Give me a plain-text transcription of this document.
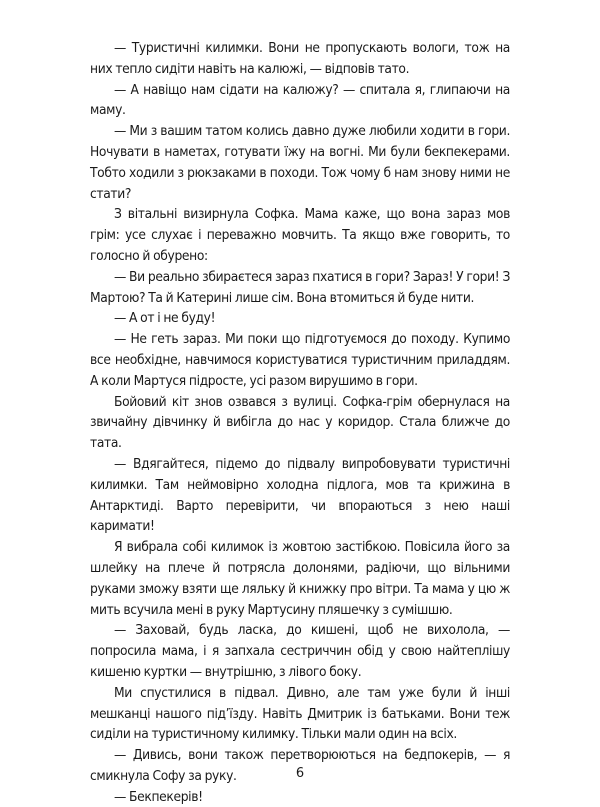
— Туристичні килимки. Вони не пропускають вологи, тож на них тепло сидіти навіть на калюжі, — відповів тато.

— А навіщо нам сідати на калюжу? — спитала я, глипаючи на маму.

— Ми з вашим татом колись давно дуже любили ходити в гори. Ночувати в наметах, готувати їжу на вогні. Ми були бекпекерами. Тобто ходили з рюкзаками в походи. Тож чому б нам знову ними не стати?

З вітальні визирнула Софка. Мама каже, що вона зараз мов грім: усе слухає і переважно мовчить. Та якщо вже говорить, то голосно й обурено:

— Ви реально збираєтеся зараз пхатися в гори? Зараз! У гори! З Мартою? Та й Катерині лише сім. Вона втомиться й буде нити.

— А от і не буду!

— Не геть зараз. Ми поки що підготуємося до походу. Купимо все необхідне, навчимося користуватися туристичним приладдям. А коли Мартуся підросте, усі разом вирушимо в гори.

Бойовий кіт знов озвався з вулиці. Софка-грім обернулася на звичайну дівчинку й вибігла до нас у коридор. Стала ближче до тата.

— Вдягайтеся, підемо до підвалу випробовувати туристичні килимки. Там неймовірно холодна підлога, мов та крижина в Антарктиді. Варто перевірити, чи впораються з нею наші каримати!

Я вибрала собі килимок із жовтою застібкою. Повісила його за шлейку на плече й потрясла долонями, радіючи, що вільними руками зможу взяти ще ляльку й книжку про вітри. Та мама у цю ж мить всучила мені в руку Мартусину пляшечку з сумішшю.

— Заховай, будь ласка, до кишені, щоб не вихолола, — попросила мама, і я запхала сестриччин обід у свою найтеплішу кишеню куртки — внутрішню, з лівого боку.

Ми спустилися в підвал. Дивно, але там уже були й інші мешканці нашого під’їзду. Навіть Дмитрик із батьками. Вони теж сиділи на туристичному килимку. Тільки мали один на всіх.

— Дивись, вони також перетворюються на бедпокерів, — я смикнула Софу за руку.

— Бекпекерів!

6
